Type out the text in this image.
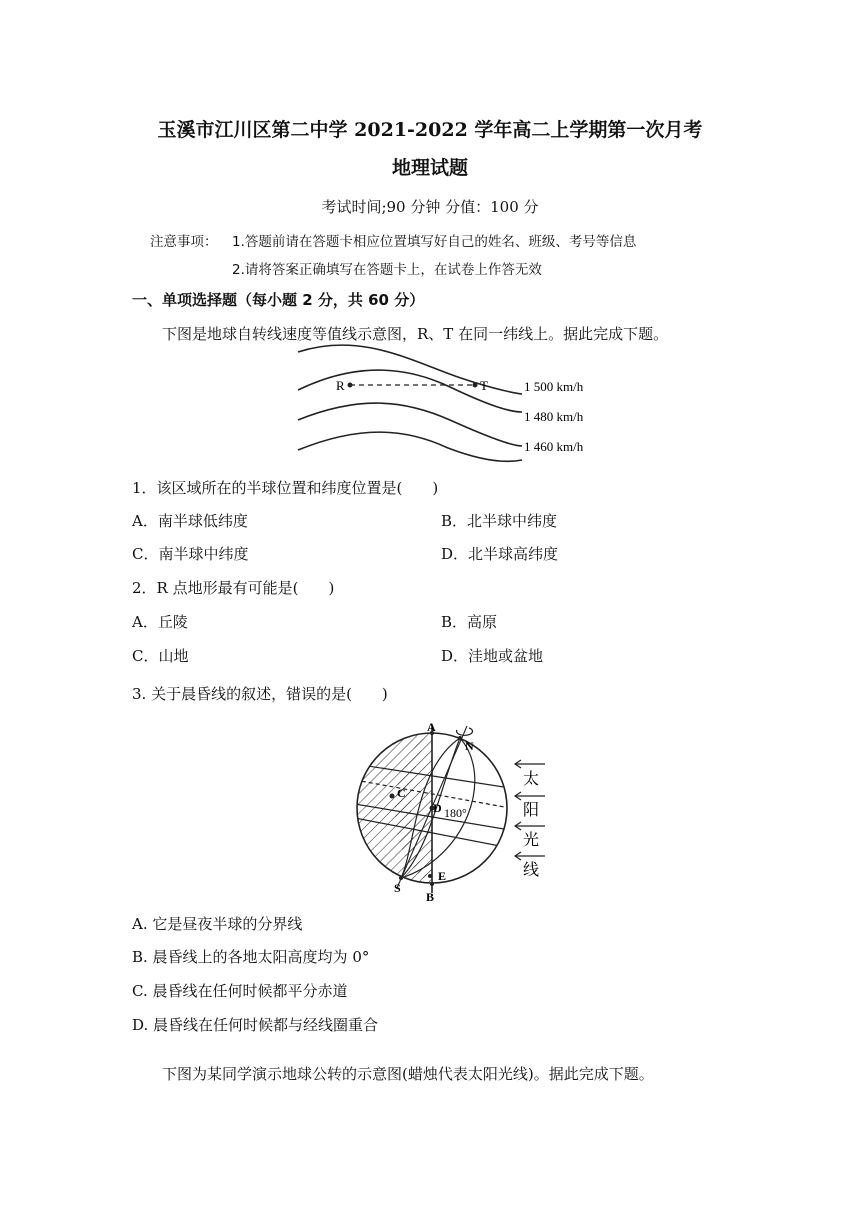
玉溪市江川区第二中学 2021-2022 学年高二上学期第一次月考
地理试题
考试时间;90 分钟 分值：100 分
注意事项： 1.答题前请在答题卡相应位置填写好自己的姓名、班级、考号等信息
2.请将答案正确填写在答题卡上，在试卷上作答无效
一、单项选择题（每小题 2 分，共 60 分）
下图是地球自转线速度等值线示意图，R、T 在同一纬线上。据此完成下题。
R	T	1 500 km/h
1 480 km/h
1 460 km/h
1．该区域所在的半球位置和纬度位置是(　　)
A．南半球低纬度	B．北半球中纬度
C．南半球中纬度	D．北半球高纬度
2．R 点地形最有可能是(　　)
A．丘陵	B．高原
C．山地	D．洼地或盆地
3. 关于晨昏线的叙述，错误的是(　　)
A
N
C
D 180°
S
E
B
太
阳
光
线
A. 它是昼夜半球的分界线
B. 晨昏线上的各地太阳高度均为 0°
C. 晨昏线在任何时候都平分赤道
D. 晨昏线在任何时候都与经线圈重合
下图为某同学演示地球公转的示意图(蜡烛代表太阳光线)。据此完成下题。
